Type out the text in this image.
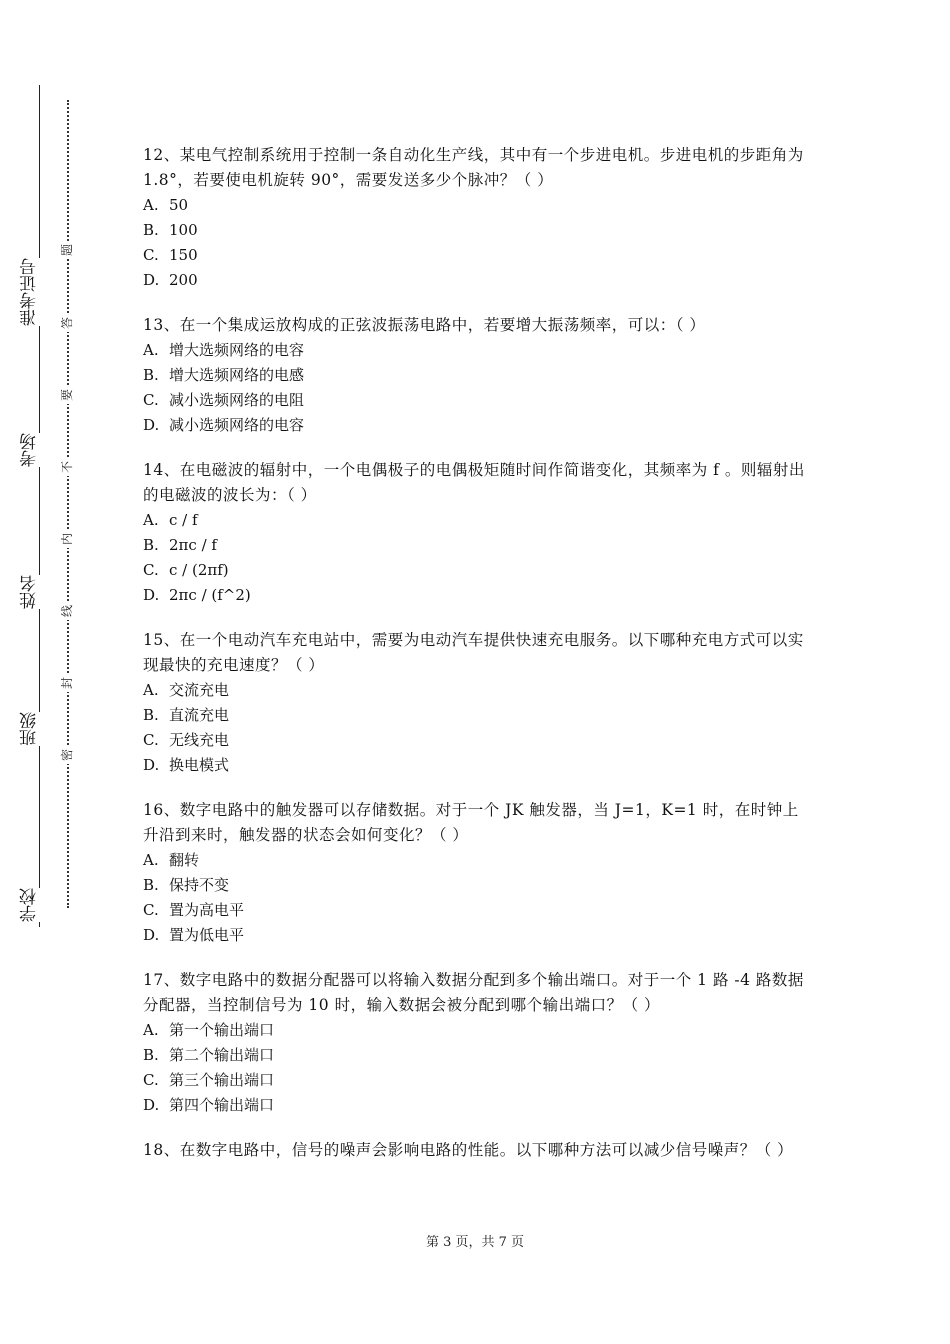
准考证号
考场
姓名
班级
学校
题
答
要
不
内
线
封
密
12、某电气控制系统用于控制一条自动化生产线，其中有一个步进电机。步进电机的步距角为 1.8°，若要使电机旋转 90°，需要发送多少个脉冲？（ ）
A. 50
B. 100
C. 150
D. 200
13、在一个集成运放构成的正弦波振荡电路中，若要增大振荡频率，可以：（ ）
A. 增大选频网络的电容
B. 增大选频网络的电感
C. 减小选频网络的电阻
D. 减小选频网络的电容
14、在电磁波的辐射中，一个电偶极子的电偶极矩随时间作简谐变化，其频率为 f 。则辐射出的电磁波的波长为：（ ）
A. c / f
B. 2πc / f
C. c / (2πf)
D. 2πc / (f^2)
15、在一个电动汽车充电站中，需要为电动汽车提供快速充电服务。以下哪种充电方式可以实现最快的充电速度？（ ）
A. 交流充电
B. 直流充电
C. 无线充电
D. 换电模式
16、数字电路中的触发器可以存储数据。对于一个 JK 触发器，当 J=1，K=1 时，在时钟上升沿到来时，触发器的状态会如何变化？（ ）
A. 翻转
B. 保持不变
C. 置为高电平
D. 置为低电平
17、数字电路中的数据分配器可以将输入数据分配到多个输出端口。对于一个 1 路 -4 路数据分配器，当控制信号为 10 时，输入数据会被分配到哪个输出端口？（ ）
A. 第一个输出端口
B. 第二个输出端口
C. 第三个输出端口
D. 第四个输出端口
18、在数字电路中，信号的噪声会影响电路的性能。以下哪种方法可以减少信号噪声？（ ）
第 3 页，共 7 页
